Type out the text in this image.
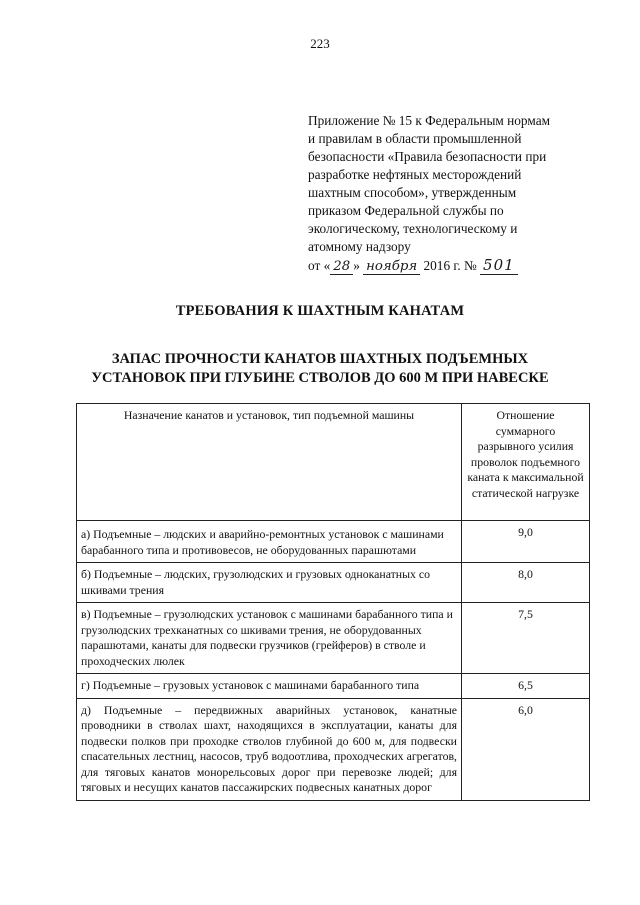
223
Приложение № 15 к Федеральным нормам
и правилам в области промышленной
безопасности «Правила безопасности при
разработке нефтяных месторождений
шахтным способом», утвержденным
приказом Федеральной службы по
экологическому, технологическому и
атомному надзору
от « 28 » ноября 2016 г. № 501
ТРЕБОВАНИЯ К ШАХТНЫМ КАНАТАМ
ЗАПАС ПРОЧНОСТИ КАНАТОВ ШАХТНЫХ ПОДЪЕМНЫХ
УСТАНОВОК ПРИ ГЛУБИНЕ СТВОЛОВ ДО 600 М ПРИ НАВЕСКЕ
Назначение канатов и установок, тип подъемной машины	Отношение суммарного разрывного усилия проволок подъемного каната к максимальной статической нагрузке
а) Подъемные – людских и аварийно-ремонтных установок с машинами барабанного типа и противовесов, не оборудованных парашютами	9,0
б) Подъемные – людских, грузолюдских и грузовых одноканатных со шкивами трения	8,0
в) Подъемные – грузолюдских установок с машинами барабанного типа и грузолюдских трехканатных со шкивами трения, не оборудованных парашютами, канаты для подвески грузчиков (грейферов) в стволе и проходческих люлек	7,5
г) Подъемные – грузовых установок с машинами барабанного типа	6,5
д) Подъемные – передвижных аварийных установок, канатные проводники в стволах шахт, находящихся в эксплуатации, канаты для подвески полков при проходке стволов глубиной до 600 м, для подвески спасательных лестниц, насосов, труб водоотлива, проходческих агрегатов, для тяговых канатов монорельсовых дорог при перевозке людей; для тяговых и несущих канатов пассажирских подвесных канатных дорог	6,0
